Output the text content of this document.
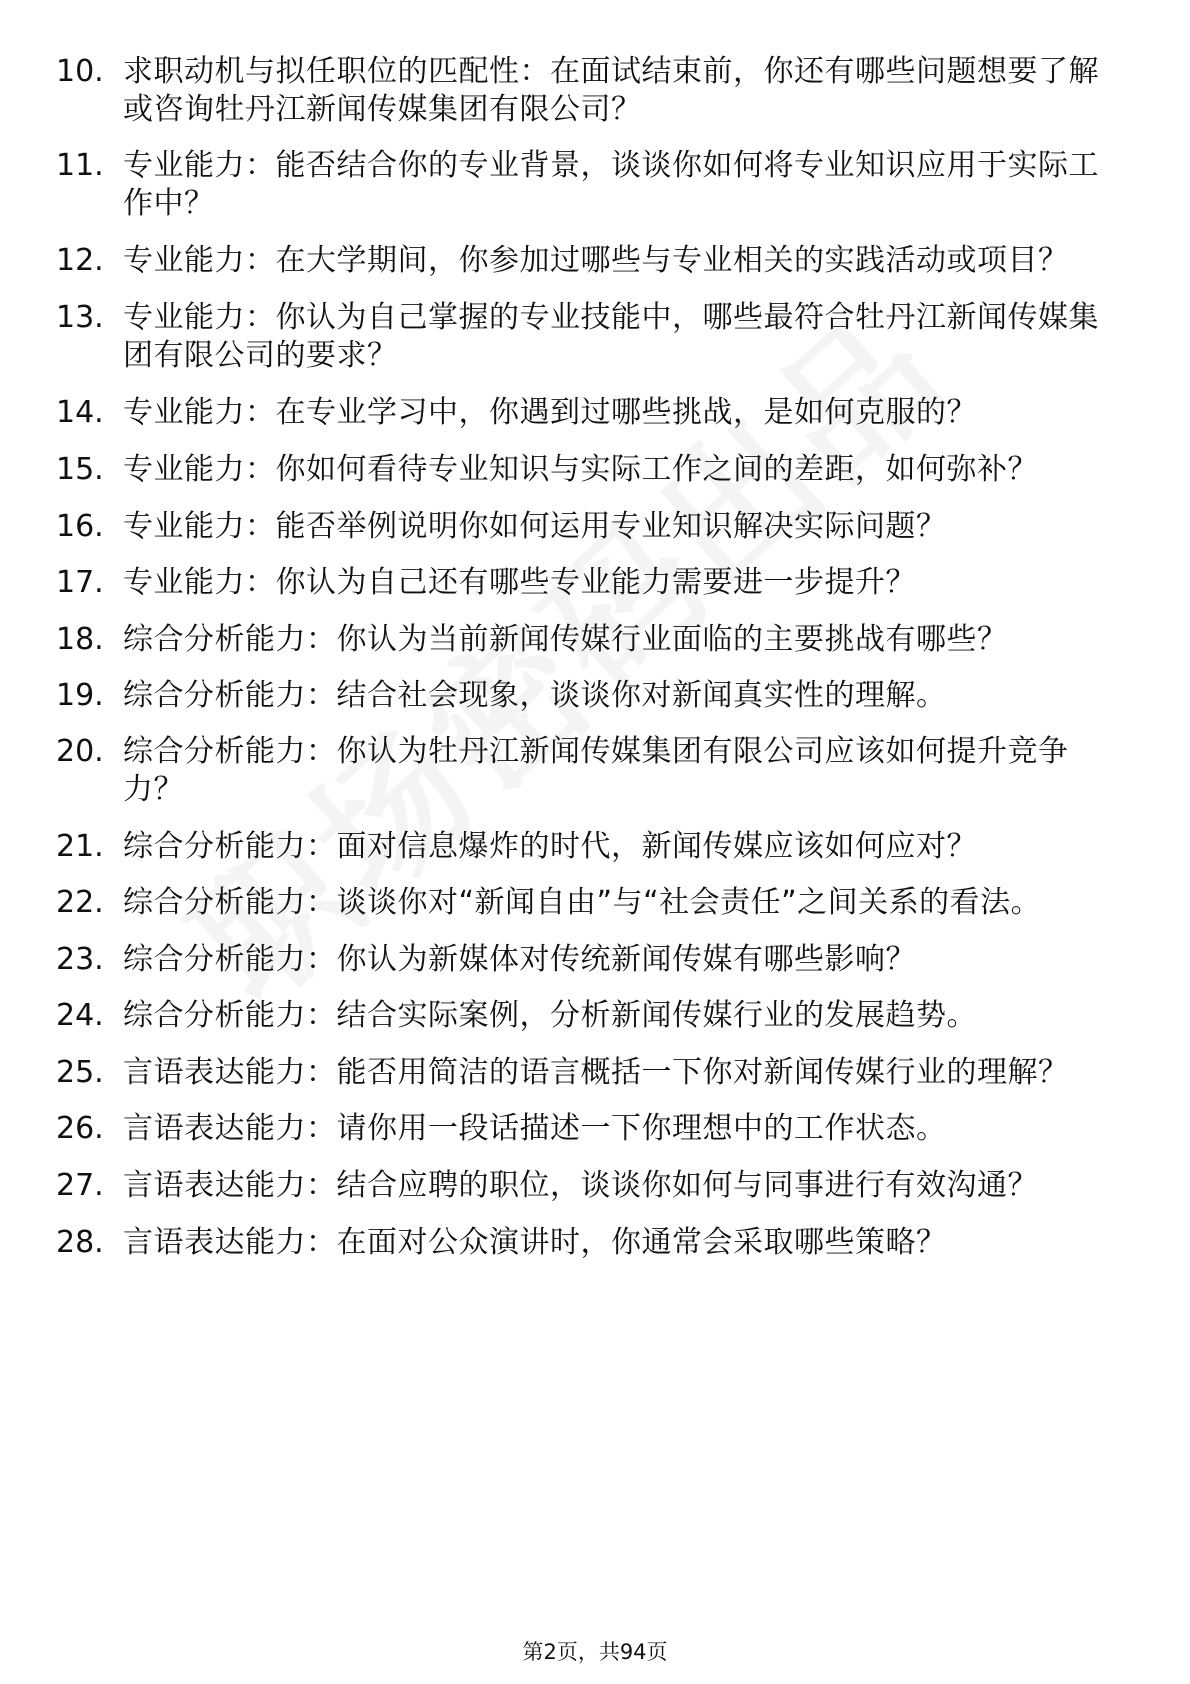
10. 求职动机与拟任职位的匹配性：在面试结束前，你还有哪些问题想要了解或咨询牡丹江新闻传媒集团有限公司？
11. 专业能力：能否结合你的专业背景，谈谈你如何将专业知识应用于实际工作中？
12. 专业能力：在大学期间，你参加过哪些与专业相关的实践活动或项目？
13. 专业能力：你认为自己掌握的专业技能中，哪些最符合牡丹江新闻传媒集团有限公司的要求？
14. 专业能力：在专业学习中，你遇到过哪些挑战，是如何克服的？
15. 专业能力：你如何看待专业知识与实际工作之间的差距，如何弥补？
16. 专业能力：能否举例说明你如何运用专业知识解决实际问题？
17. 专业能力：你认为自己还有哪些专业能力需要进一步提升？
18. 综合分析能力：你认为当前新闻传媒行业面临的主要挑战有哪些？
19. 综合分析能力：结合社会现象，谈谈你对新闻真实性的理解。
20. 综合分析能力：你认为牡丹江新闻传媒集团有限公司应该如何提升竞争力？
21. 综合分析能力：面对信息爆炸的时代，新闻传媒应该如何应对？
22. 综合分析能力：谈谈你对“新闻自由”与“社会责任”之间关系的看法。
23. 综合分析能力：你认为新媒体对传统新闻传媒有哪些影响？
24. 综合分析能力：结合实际案例，分析新闻传媒行业的发展趋势。
25. 言语表达能力：能否用简洁的语言概括一下你对新闻传媒行业的理解？
26. 言语表达能力：请你用一段话描述一下你理想中的工作状态。
27. 言语表达能力：结合应聘的职位，谈谈你如何与同事进行有效沟通？
28. 言语表达能力：在面对公众演讲时，你通常会采取哪些策略？
第2页，共94页
